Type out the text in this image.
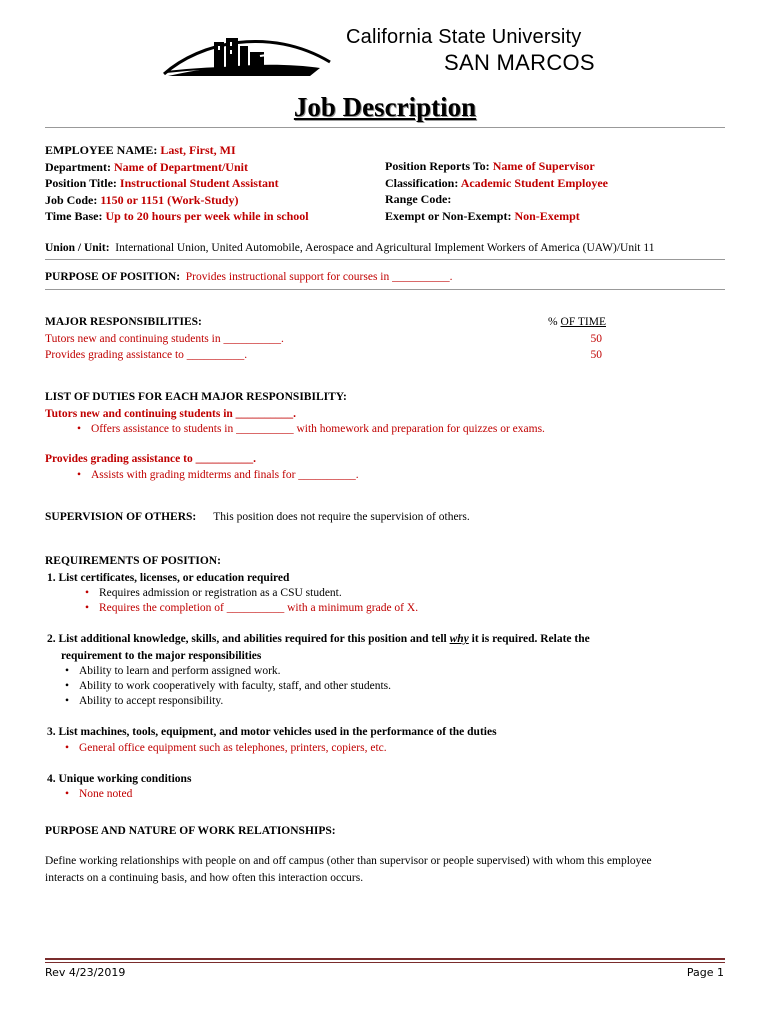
California State University
SAN MARCOS
Job Description
EMPLOYEE NAME: Last, First, MI
Department: Name of Department/Unit
Position Title: Instructional Student Assistant
Job Code: 1150 or 1151 (Work-Study)
Time Base: Up to 20 hours per week while in school
Position Reports To: Name of Supervisor
Classification: Academic Student Employee
Range Code:
Exempt or Non-Exempt: Non-Exempt
Union / Unit: International Union, United Automobile, Aerospace and Agricultural Implement Workers of America (UAW)/Unit 11
PURPOSE OF POSITION: Provides instructional support for courses in __________.
MAJOR RESPONSIBILITIES:
Tutors new and continuing students in __________.
Provides grading assistance to __________.
% OF TIME
50
50
LIST OF DUTIES FOR EACH MAJOR RESPONSIBILITY:
Tutors new and continuing students in __________.
• Offers assistance to students in __________ with homework and preparation for quizzes or exams.
Provides grading assistance to __________.
• Assists with grading midterms and finals for __________.
SUPERVISION OF OTHERS: This position does not require the supervision of others.
REQUIREMENTS OF POSITION:
1. List certificates, licenses, or education required
• Requires admission or registration as a CSU student.
• Requires the completion of __________ with a minimum grade of X.
2. List additional knowledge, skills, and abilities required for this position and tell why it is required. Relate the
requirement to the major responsibilities
• Ability to learn and perform assigned work.
• Ability to work cooperatively with faculty, staff, and other students.
• Ability to accept responsibility.
3. List machines, tools, equipment, and motor vehicles used in the performance of the duties
• General office equipment such as telephones, printers, copiers, etc.
4. Unique working conditions
• None noted
PURPOSE AND NATURE OF WORK RELATIONSHIPS:
Define working relationships with people on and off campus (other than supervisor or people supervised) with whom this employee
interacts on a continuing basis, and how often this interaction occurs.
Rev 4/23/2019	Page 1
